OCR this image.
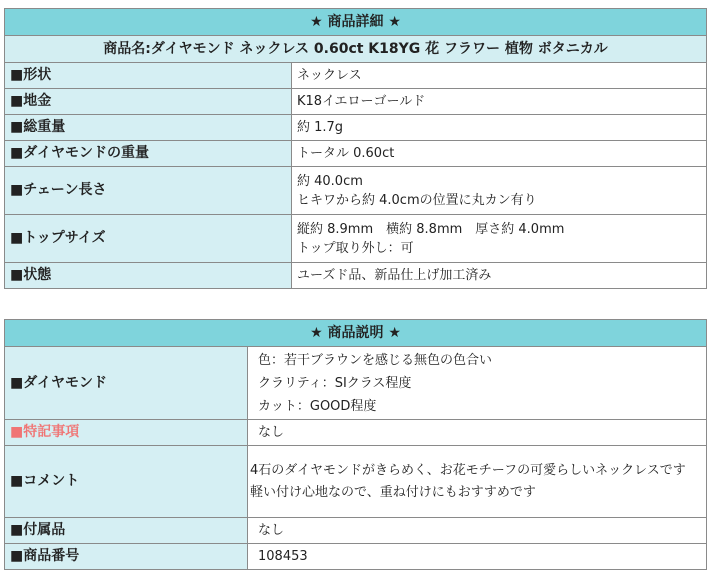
★ 商品詳細 ★	
商品名:ダイヤモンド ネックレス 0.60ct K18YG 花 フラワー 植物 ボタニカル	
■形状	ネックレス
■地金	K18イエローゴールド
■総重量	約 1.7g
■ダイヤモンドの重量	トータル 0.60ct
■チェーン長さ	約 40.0cm
ヒキワから約 4.0cmの位置に丸カン有り

■トップサイズ	縦約 8.9mm　横約 8.8mm　厚さ約 4.0mm
トップ取り外し：可

■状態	ユーズド品、新品仕上げ加工済み
★ 商品説明 ★	
■ダイヤモンド	色：若干ブラウンを感じる無色の色合い
クラリティ：SIクラス程度
カット：GOOD程度

■特記事項	なし
■コメント	4石のダイヤモンドがきらめく、お花モチーフの可愛らしいネックレスです
軽い付け心地なので、重ね付けにもおすすめです

■付属品	なし
■商品番号	108453
